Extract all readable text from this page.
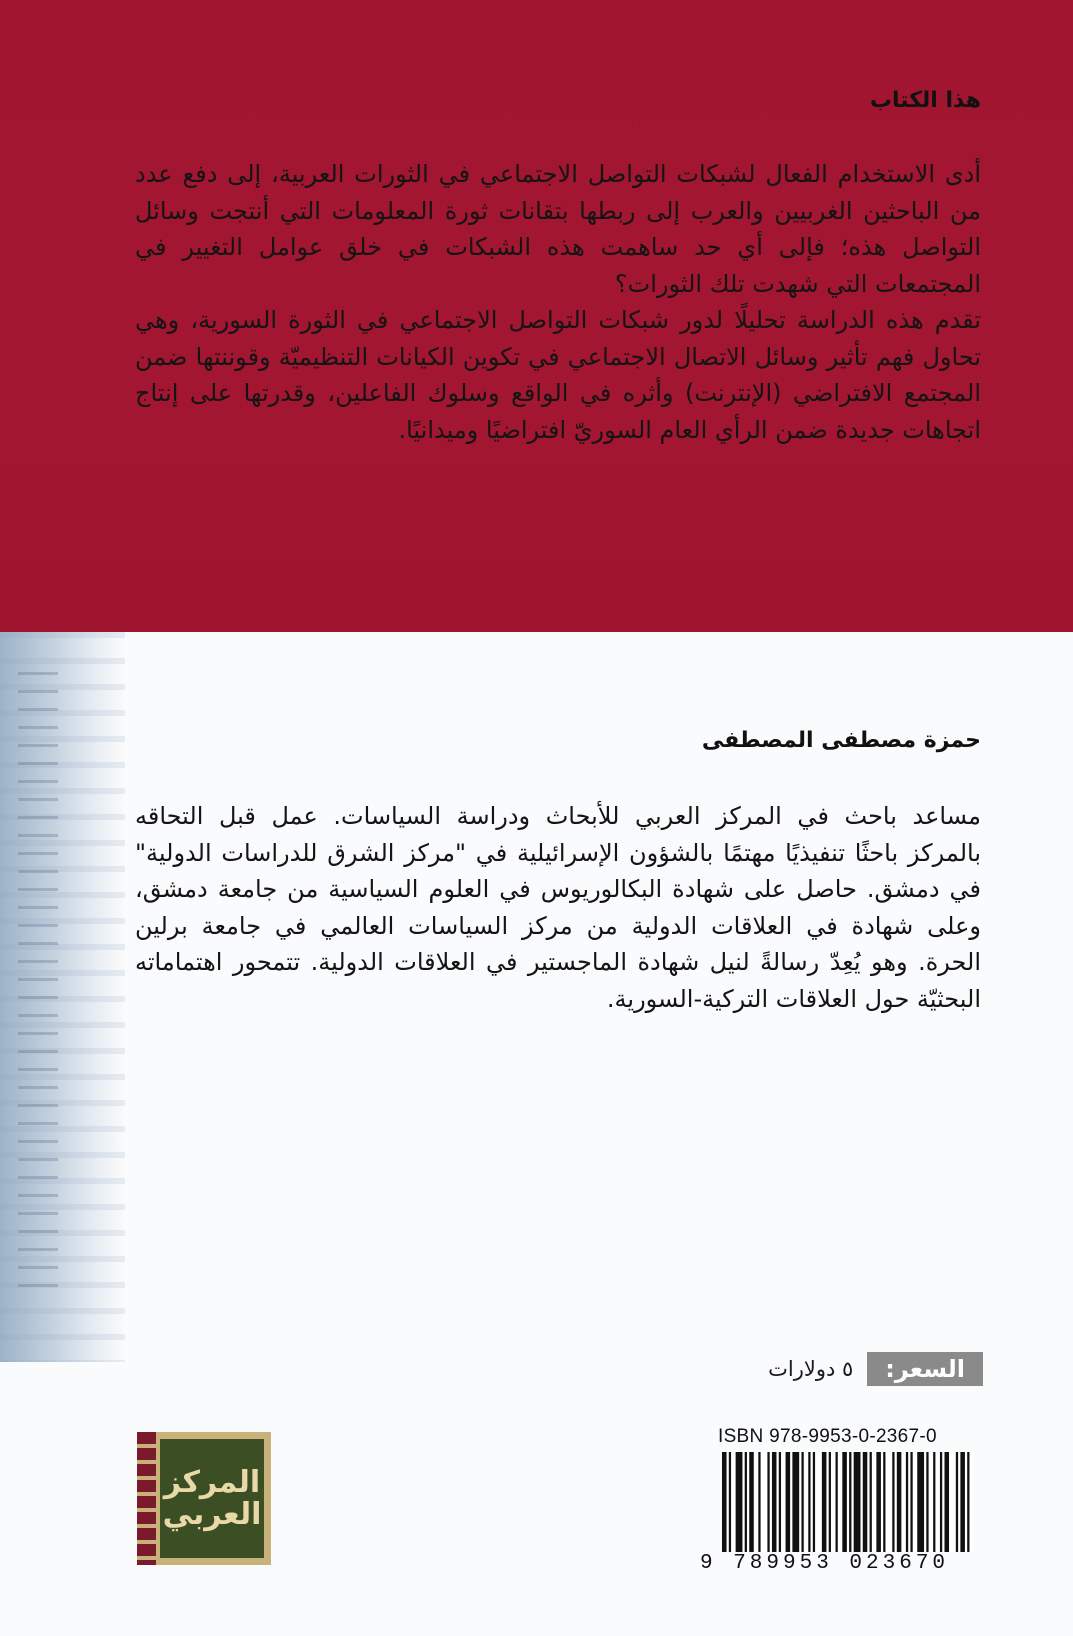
هذا الكتاب

أدى الاستخدام الفعال لشبكات التواصل الاجتماعي في الثورات العربية، إلى دفع عدد من الباحثين الغربيين والعرب إلى ربطها بتقانات ثورة المعلومات التي أنتجت وسائل التواصل هذه؛ فإلى أي حد ساهمت هذه الشبكات في خلق عوامل التغيير في المجتمعات التي شهدت تلك الثورات؟

تقدم هذه الدراسة تحليلًا لدور شبكات التواصل الاجتماعي في الثورة السورية، وهي تحاول فهم تأثير وسائل الاتصال الاجتماعي في تكوين الكيانات التنظيميّة وقوننتها ضمن المجتمع الافتراضي (الإنترنت) وأثره في الواقع وسلوك الفاعلين، وقدرتها على إنتاج اتجاهات جديدة ضمن الرأي العام السوريّ افتراضيًا وميدانيًا.

حمزة مصطفى المصطفى

مساعد باحث في المركز العربي للأبحاث ودراسة السياسات. عمل قبل التحاقه بالمركز باحثًا تنفيذيًا مهتمًا بالشؤون الإسرائيلية في "مركز الشرق للدراسات الدولية" في دمشق. حاصل على شهادة البكالوريوس في العلوم السياسية من جامعة دمشق، وعلى شهادة في العلاقات الدولية من مركز السياسات العالمي في جامعة برلين الحرة. وهو يُعِدّ رسالةً لنيل شهادة الماجستير في العلاقات الدولية. تتمحور اهتماماته البحثيّة حول العلاقات التركية-السورية.

السعر:
٥ دولارات
ISBN 978-9953-0-2367-0
9 789953 023670
المركز العربي
